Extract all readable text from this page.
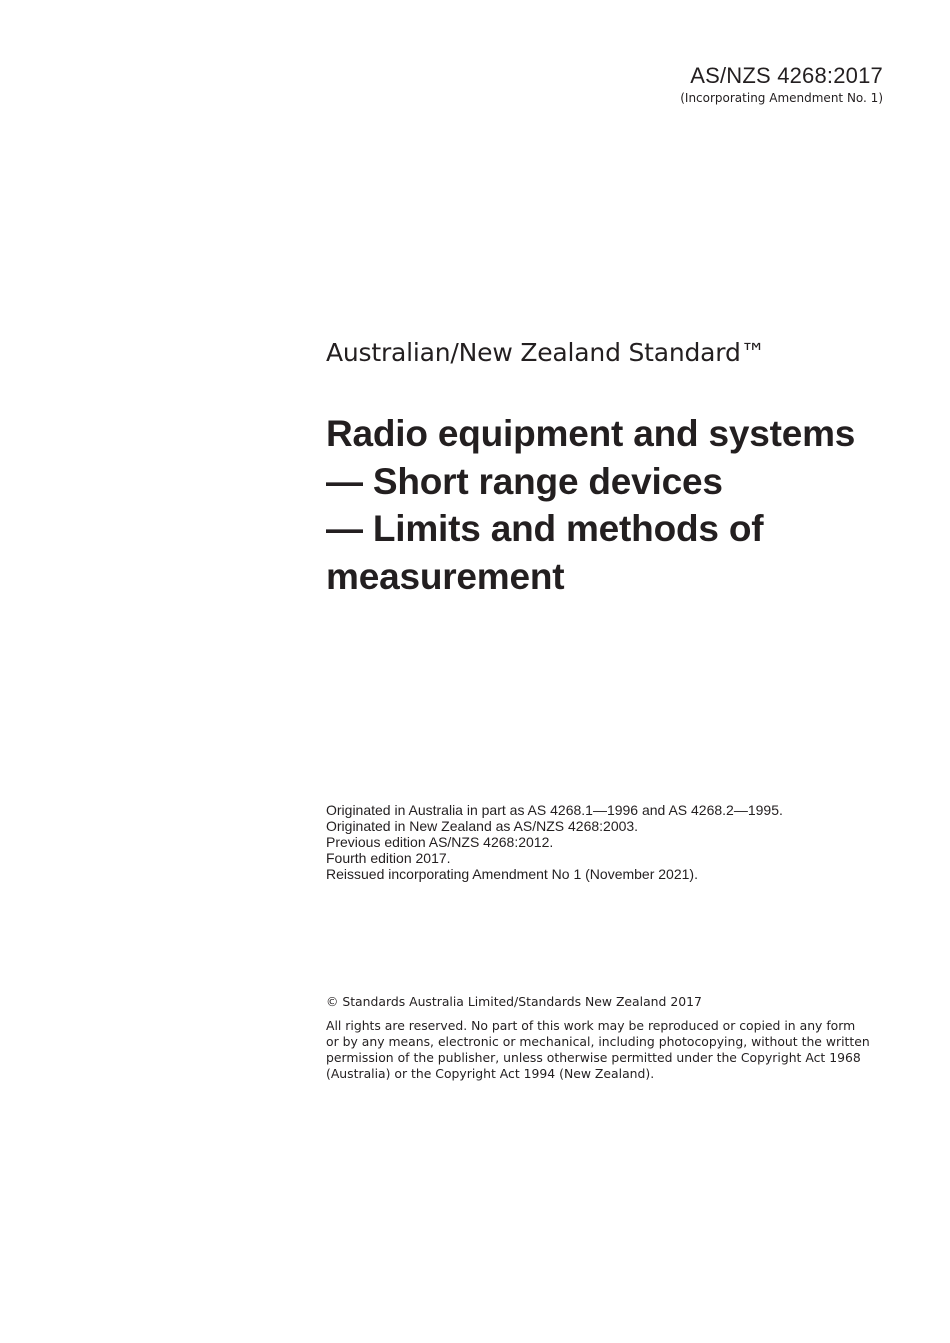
AS/NZS 4268:2017
(Incorporating Amendment No. 1)
Australian/New Zealand Standard™
Radio equipment and systems
— Short range devices
— Limits and methods of
measurement
Originated in Australia in part as AS 4268.1—1996 and AS 4268.2—1995.
Originated in New Zealand as AS/NZS 4268:2003.
Previous edition AS/NZS 4268:2012.
Fourth edition 2017.
Reissued incorporating Amendment No 1 (November 2021).
© Standards Australia Limited/Standards New Zealand 2017
All rights are reserved. No part of this work may be reproduced or copied in any form
or by any means, electronic or mechanical, including photocopying, without the written
permission of the publisher, unless otherwise permitted under the Copyright Act 1968
(Australia) or the Copyright Act 1994 (New Zealand).
